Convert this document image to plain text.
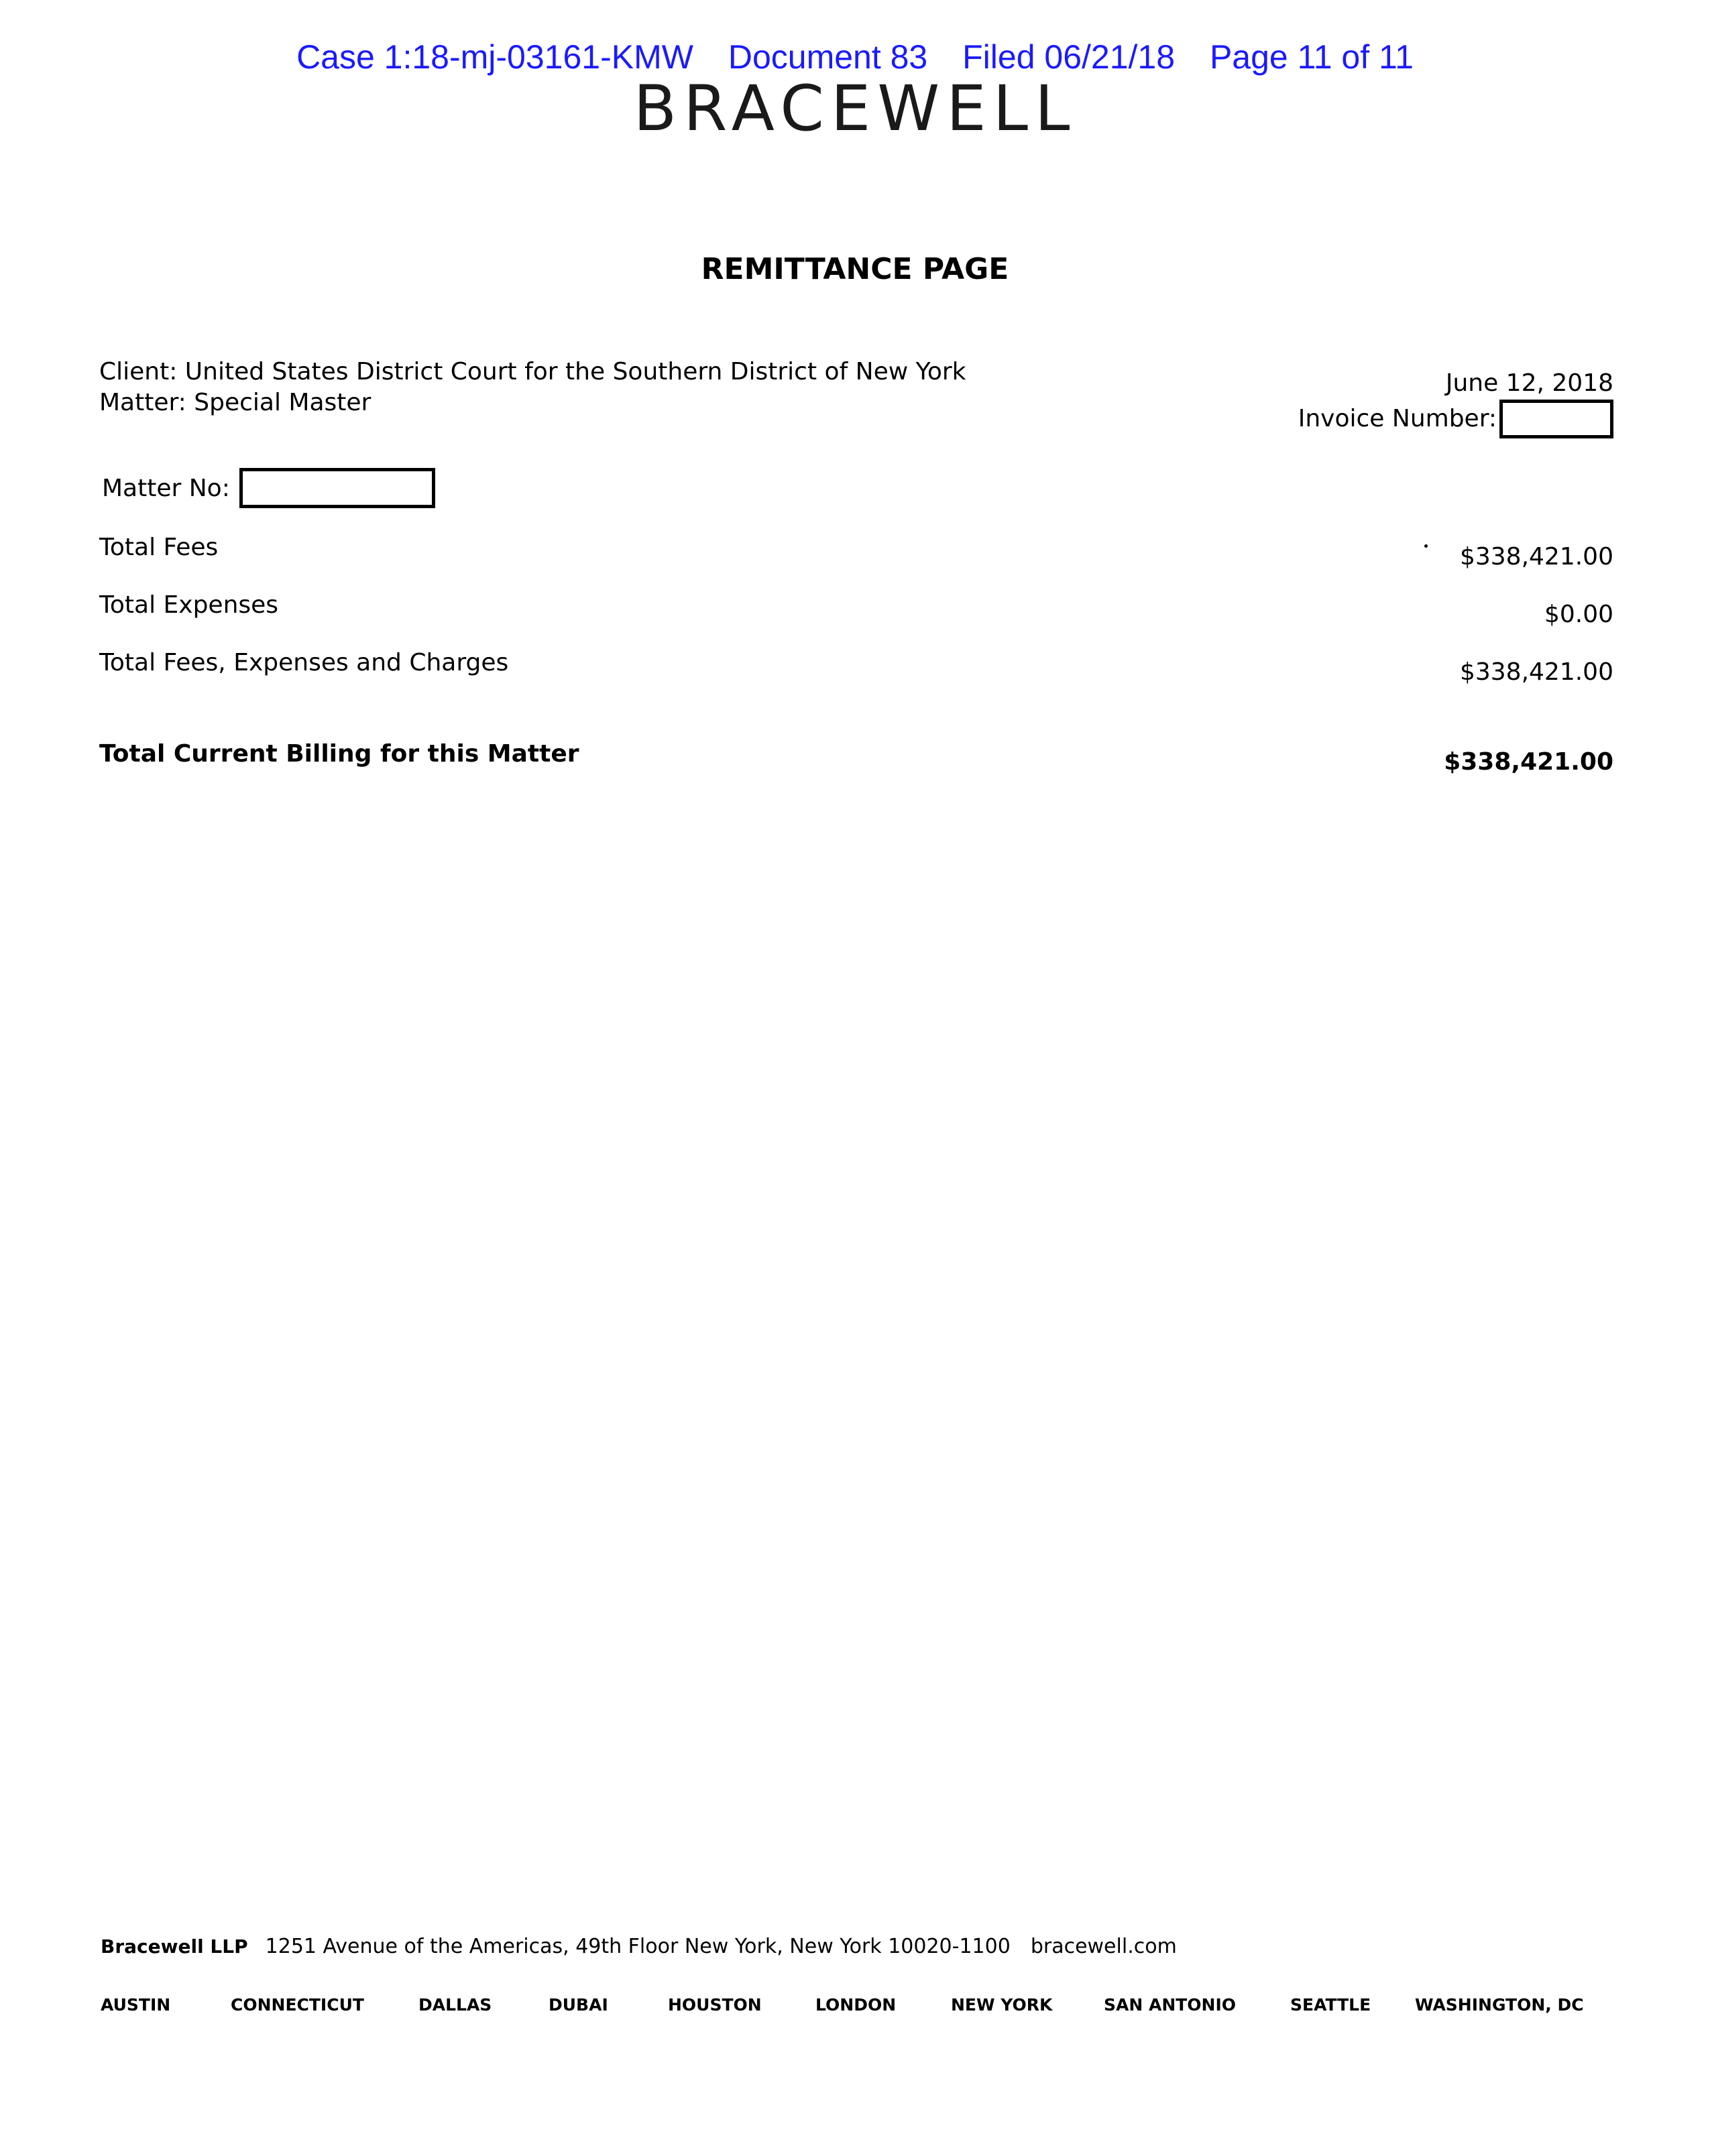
Case 1:18-mj-03161-KMW Document 83 Filed 06/21/18 Page 11 of 11
BRACEWELL
REMITTANCE PAGE
Client: United States District Court for the Southern District of New York
Matter: Special Master
June 12, 2018
Invoice Number:
Matter No:
Total Fees	$338,421.00
Total Expenses	$0.00
Total Fees, Expenses and Charges	$338,421.00
Total Current Billing for this Matter	$338,421.00
Bracewell LLP 1251 Avenue of the Americas, 49th Floor New York, New York 10020-1100 bracewell.com
AUSTIN	CONNECTICUT	DALLAS	DUBAI	HOUSTON	LONDON	NEW YORK	SAN ANTONIO	SEATTLE	WASHINGTON, DC
